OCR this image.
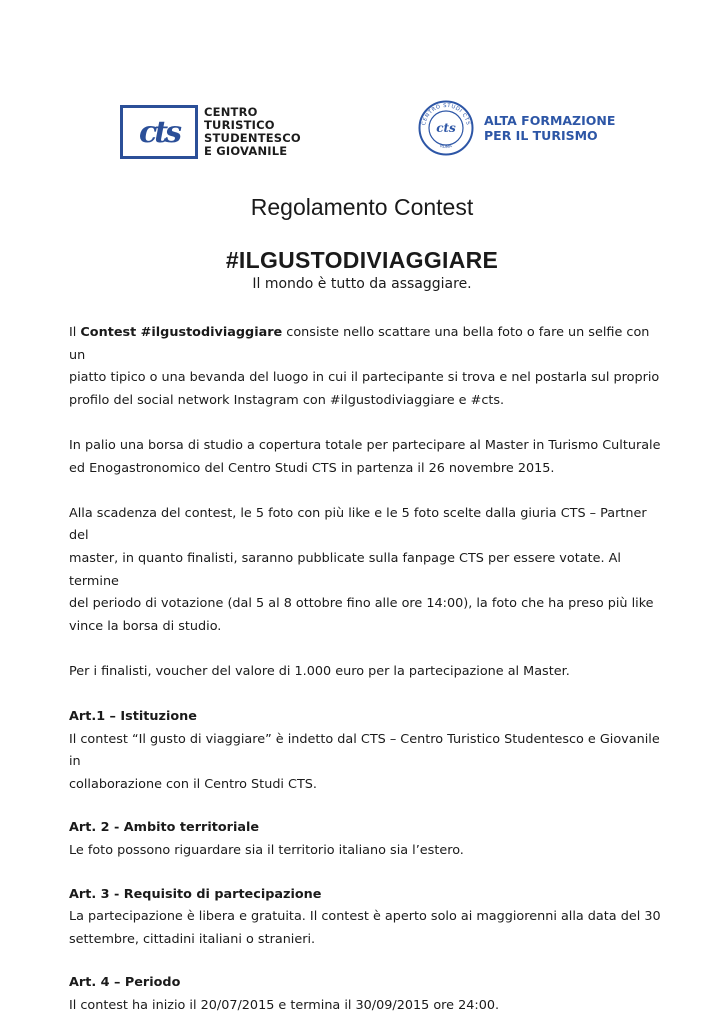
cts
CENTRO
TURISTICO
STUDENTESCO
E GIOVANILE
CENTRO STUDI CTS
ROMA
cts ALTA FORMAZIONE
PER IL TURISMO
Regolamento Contest
#ILGUSTODIVIAGGIARE
Il mondo è tutto da assaggiare.

Il Contest #ilgustodiviaggiare consiste nello scattare una bella foto o fare un selfie con un

piatto tipico o una bevanda del luogo in cui il partecipante si trova e nel postarla sul proprio

profilo del social network Instagram con #ilgustodiviaggiare e #cts.

In palio una borsa di studio a copertura totale per partecipare al Master in Turismo Culturale

ed Enogastronomico del Centro Studi CTS in partenza il 26 novembre 2015.

Alla scadenza del contest, le 5 foto con più like e le 5 foto scelte dalla giuria CTS – Partner del

master, in quanto finalisti, saranno pubblicate sulla fanpage CTS per essere votate. Al termine

del periodo di votazione (dal 5 al 8 ottobre fino alle ore 14:00), la foto che ha preso più like

vince la borsa di studio.

Per i finalisti, voucher del valore di 1.000 euro per la partecipazione al Master.

Art.1 – Istituzione

Il contest “Il gusto di viaggiare” è indetto dal CTS – Centro Turistico Studentesco e Giovanile in

collaborazione con il Centro Studi CTS.

Art. 2 - Ambito territoriale

Le foto possono riguardare sia il territorio italiano sia l’estero.

Art. 3 - Requisito di partecipazione

La partecipazione è libera e gratuita. Il contest è aperto solo ai maggiorenni alla data del 30

settembre, cittadini italiani o stranieri.

Art. 4 – Periodo

Il contest ha inizio il 20/07/2015 e termina il 30/09/2015 ore 24:00.
